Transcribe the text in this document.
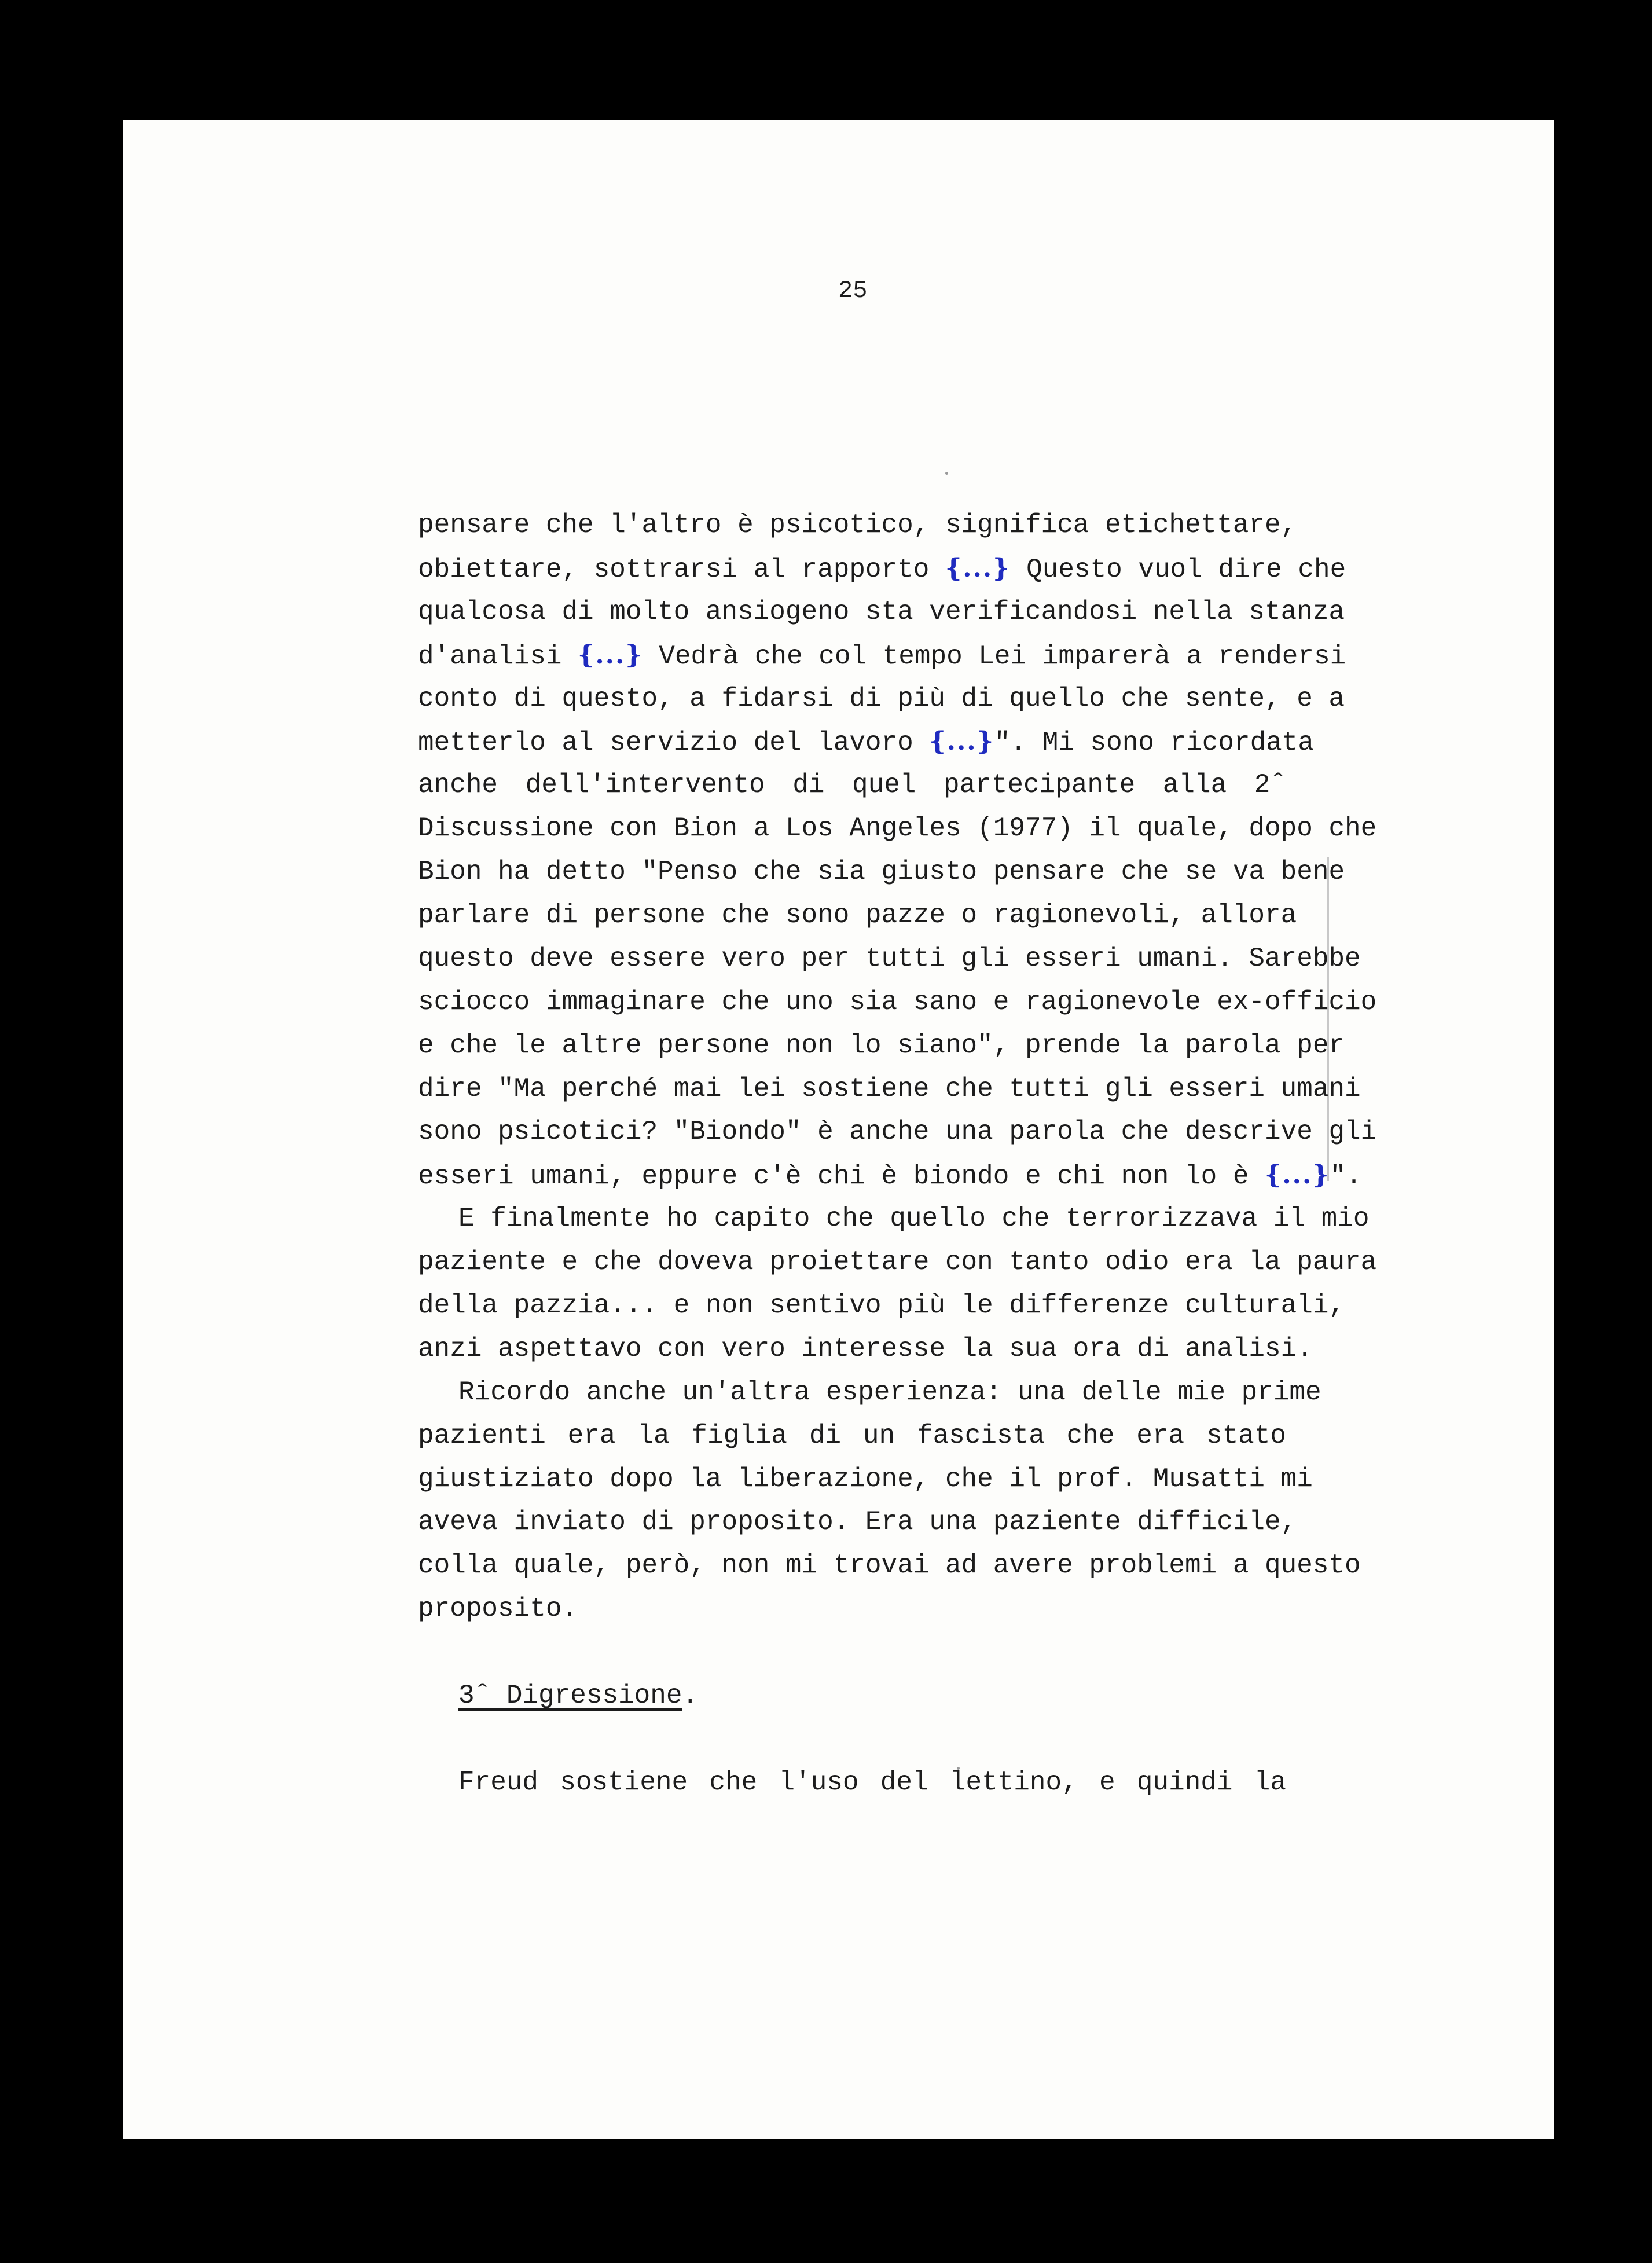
25
pensare che l'altro è psicotico, significa etichettare,
obiettare, sottrarsi al rapporto {...} Questo vuol dire che
qualcosa di molto ansiogeno sta verificandosi nella stanza
d'analisi {...} Vedrà che col tempo Lei imparerà a rendersi
conto di questo, a fidarsi di più di quello che sente, e a
metterlo al servizio del lavoro {...}". Mi sono ricordata
anche dell'intervento di quel partecipante alla 2ˆ
Discussione con Bion a Los Angeles (1977) il quale, dopo che
Bion ha detto "Penso che sia giusto pensare che se va bene
parlare di persone che sono pazze o ragionevoli, allora
questo deve essere vero per tutti gli esseri umani. Sarebbe
sciocco immaginare che uno sia sano e ragionevole ex-officio
e che le altre persone non lo siano", prende la parola per
dire "Ma perché mai lei sostiene che tutti gli esseri umani
sono psicotici? "Biondo" è anche una parola che descrive gli
esseri umani, eppure c'è chi è biondo e chi non lo è {...}".
E finalmente ho capito che quello che terrorizzava il mio
paziente e che doveva proiettare con tanto odio era la paura
della pazzia... e non sentivo più le differenze culturali,
anzi aspettavo con vero interesse la sua ora di analisi.
Ricordo anche un'altra esperienza: una delle mie prime
pazienti era la figlia di un fascista che era stato
giustiziato dopo la liberazione, che il prof. Musatti mi
aveva inviato di proposito. Era una paziente difficile,
colla quale, però, non mi trovai ad avere problemi a questo
proposito.
3ˆ Digressione.
Freud sostiene che l'uso del lettino, e quindi la
